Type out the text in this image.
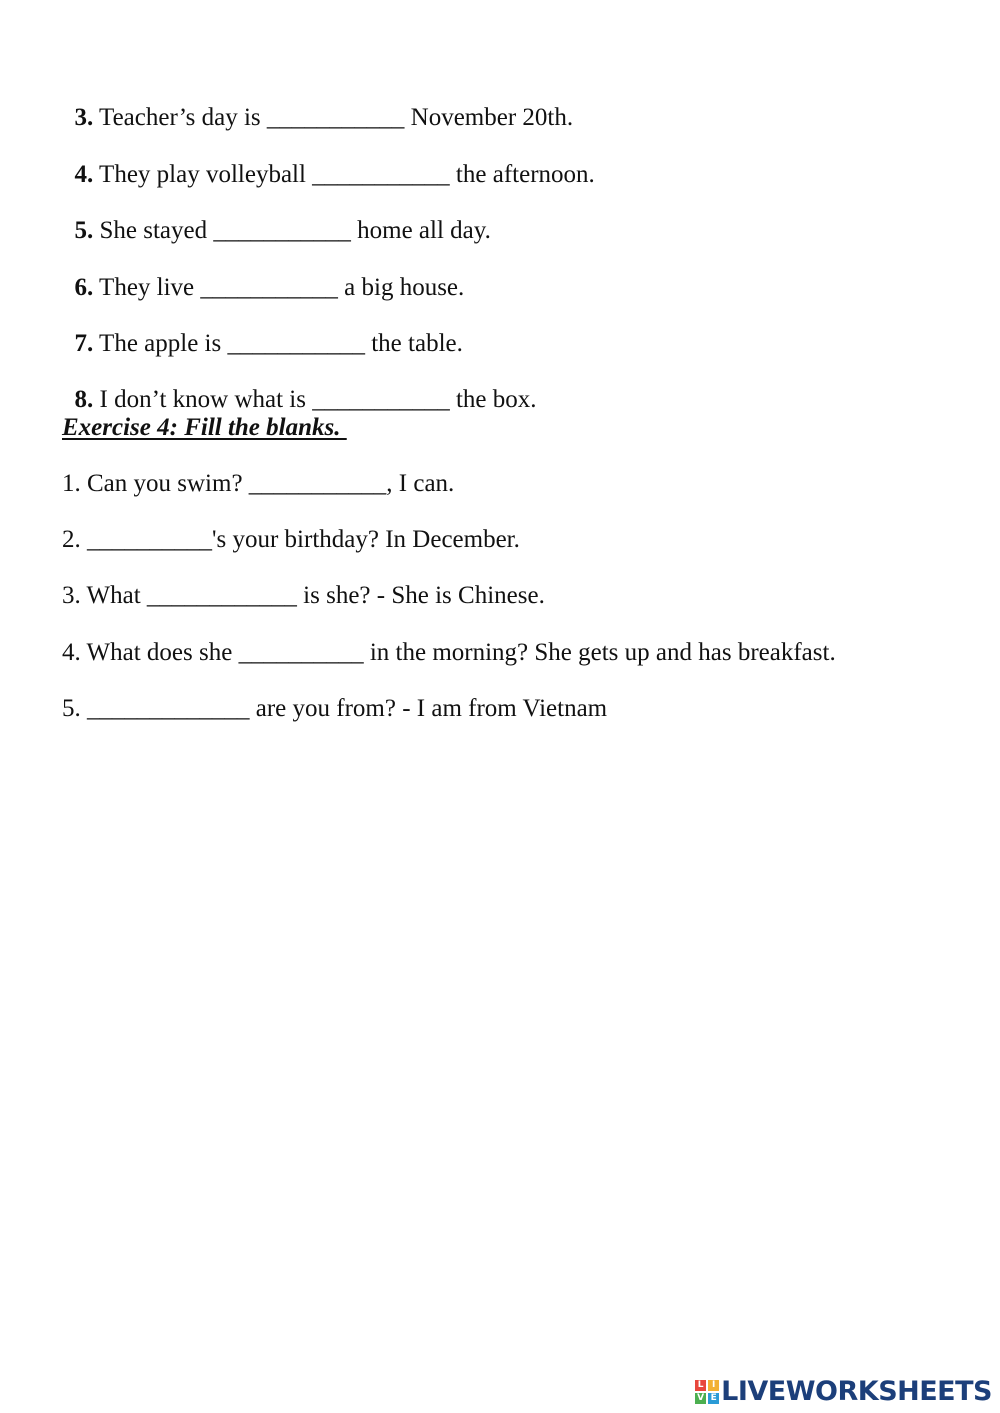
3. Teacher’s day is ___________ November 20th.

4. They play volleyball ___________ the afternoon.

5. She stayed ___________ home all day.

6. They live ___________ a big house.

7. The apple is ___________ the table.

8. I don’t know what is ___________ the box.

Exercise 4: Fill the blanks.
1. Can you swim? ___________, I can.
2. __________'s your birthday? In December.
3. What ____________ is she? - She is Chinese.
4. What does she __________ in the morning? She gets up and has breakfast.
5. _____________ are you from? - I am from Vietnam
L I
V E LIVEWORKSHEETS
